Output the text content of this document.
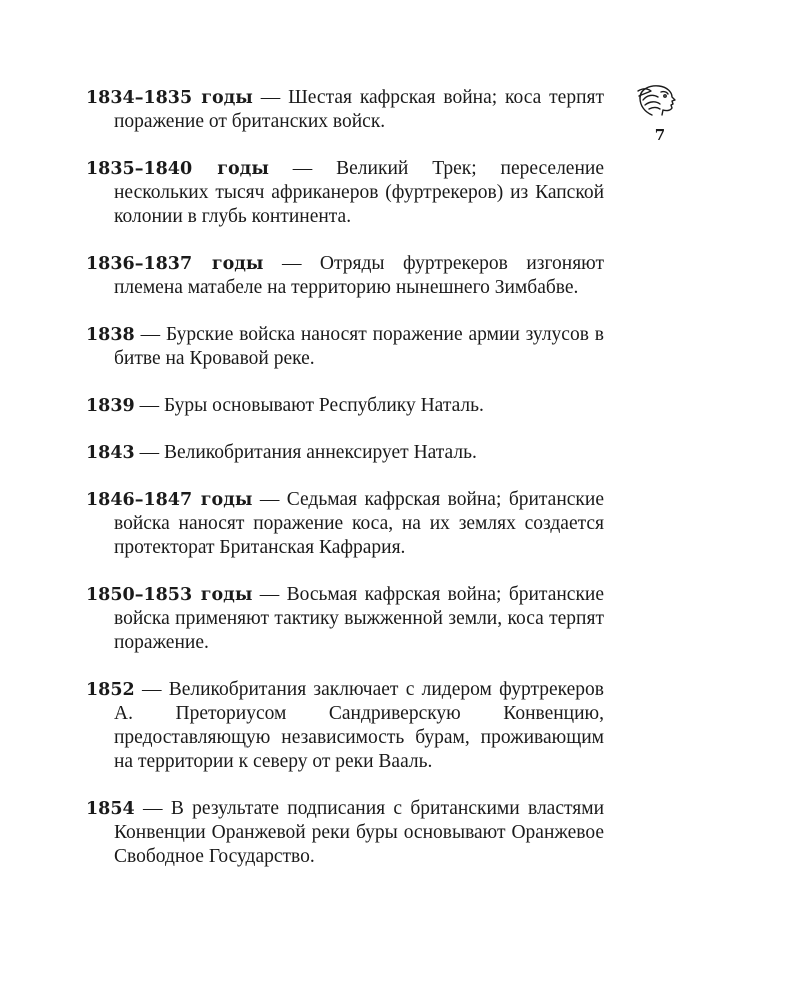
7

1834–1835 годы — Шестая кафрская война; коса терпят поражение от британских войск.

1835–1840 годы — Великий Трек; переселение нескольких тысяч африканеров (фуртрекеров) из Капской колонии в глубь континента.

1836–1837 годы — Отряды фуртрекеров изгоняют племена матабеле на территорию нынешнего Зимбабве.

1838 — Бурские войска наносят поражение армии зулусов в битве на Кровавой реке.

1839 — Буры основывают Республику Наталь.

1843 — Великобритания аннексирует Наталь.

1846–1847 годы — Седьмая кафрская война; британские войска наносят поражение коса, на их землях создается протекторат Британская Кафрария.

1850–1853 годы — Восьмая кафрская война; британские войска применяют тактику выжженной земли, коса терпят поражение.

1852 — Великобритания заключает с лидером фуртрекеров А. Преториусом Сандриверскую Конвенцию, предоставляющую независимость бурам, проживающим на территории к северу от реки Вааль.

1854 — В результате подписания с британскими властями Конвенции Оранжевой реки буры основывают Оранжевое Свободное Государство.
